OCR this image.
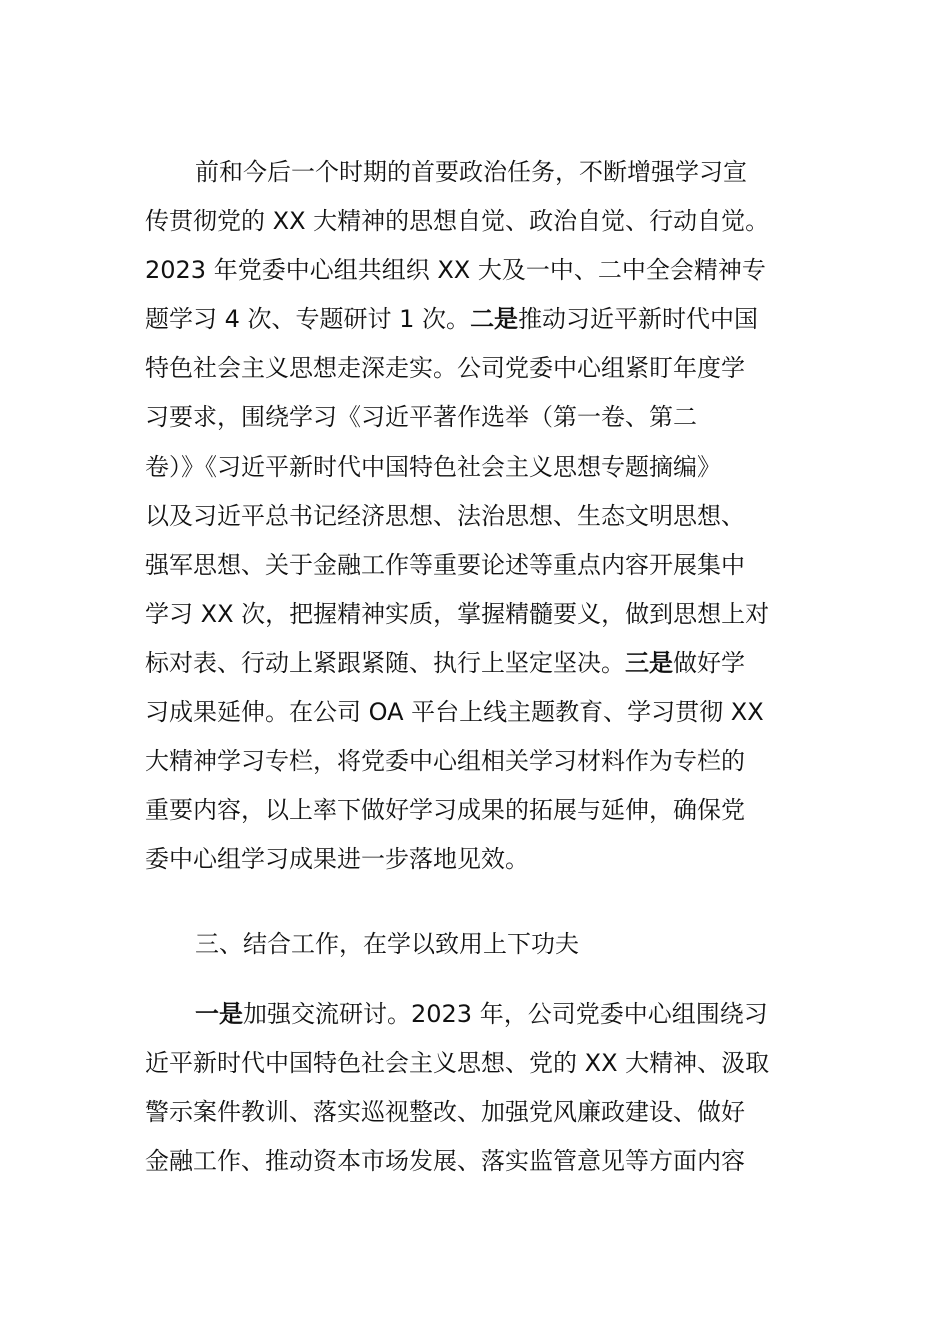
前和今后一个时期的首要政治任务，不断增强学习宣
传贯彻党的 XX 大精神的思想自觉、政治自觉、行动自觉。
2023 年党委中心组共组织 XX 大及一中、二中全会精神专
题学习 4 次、专题研讨 1 次。二是推动习近平新时代中国
特色社会主义思想走深走实。公司党委中心组紧盯年度学
习要求，围绕学习《习近平著作选举（第一卷、第二
卷）》《习近平新时代中国特色社会主义思想专题摘编》
以及习近平总书记经济思想、法治思想、生态文明思想、
强军思想、关于金融工作等重要论述等重点内容开展集中
学习 XX 次，把握精神实质，掌握精髓要义，做到思想上对
标对表、行动上紧跟紧随、执行上坚定坚决。三是做好学
习成果延伸。在公司 OA 平台上线主题教育、学习贯彻 XX
大精神学习专栏，将党委中心组相关学习材料作为专栏的
重要内容，以上率下做好学习成果的拓展与延伸，确保党
委中心组学习成果进一步落地见效。
三、结合工作，在学以致用上下功夫
一是加强交流研讨。2023 年，公司党委中心组围绕习
近平新时代中国特色社会主义思想、党的 XX 大精神、汲取
警示案件教训、落实巡视整改、加强党风廉政建设、做好
金融工作、推动资本市场发展、落实监管意见等方面内容
